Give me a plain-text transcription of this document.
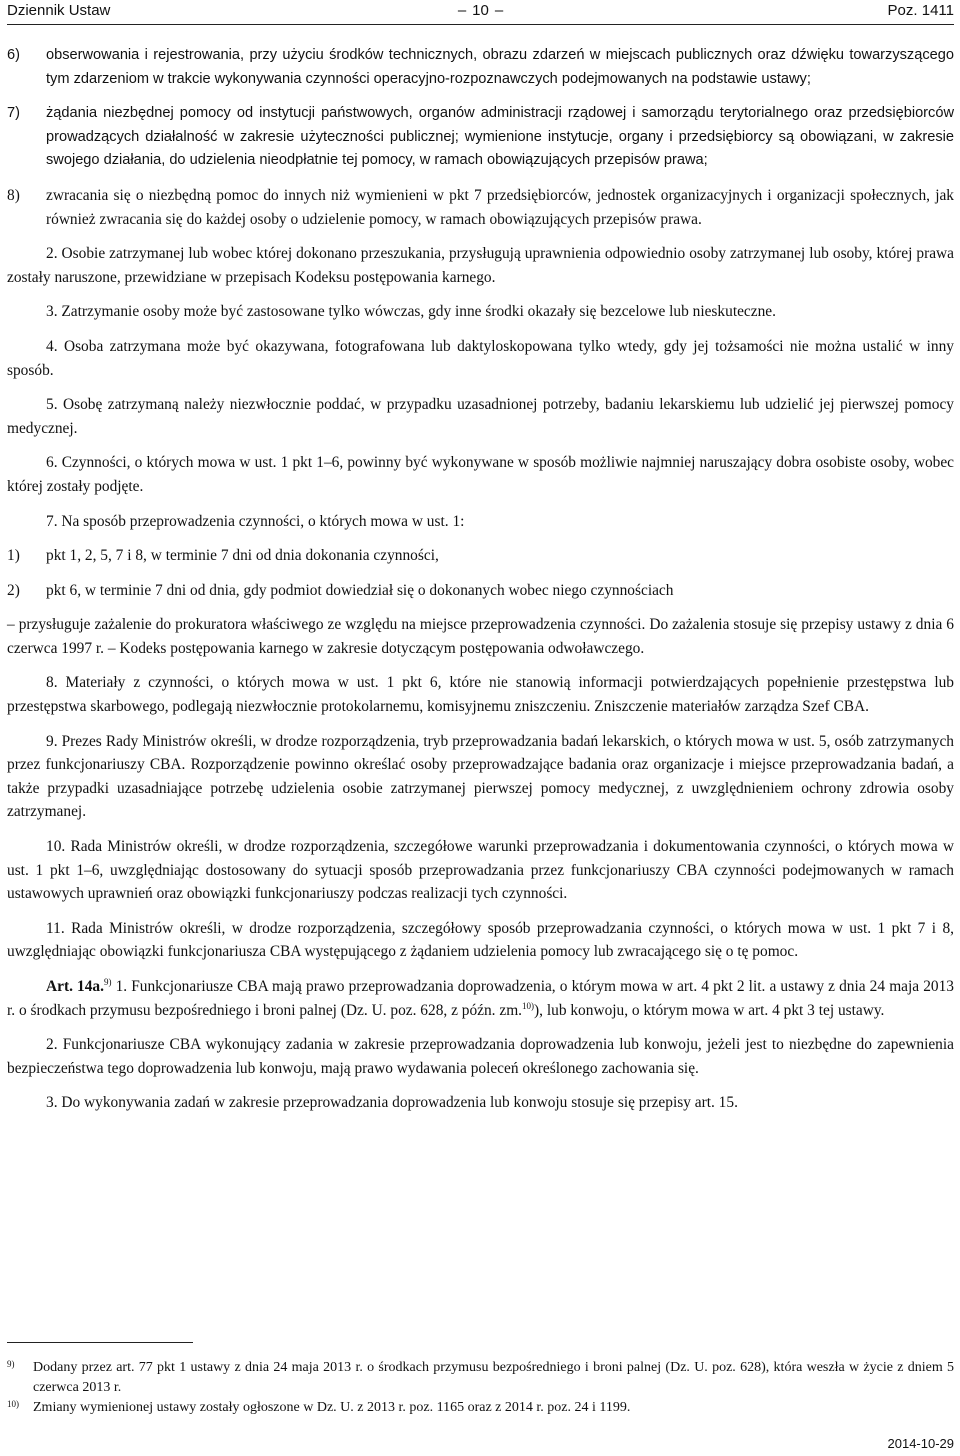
Dziennik Ustaw	– 10 –	Poz. 1411
6) obserwowania i rejestrowania, przy użyciu środków technicznych, obrazu zdarzeń w miejscach publicznych oraz dźwięku towarzyszącego tym zdarzeniom w trakcie wykonywania czynności operacyjno-rozpoznawczych podejmowanych na podstawie ustawy;
7) żądania niezbędnej pomocy od instytucji państwowych, organów administracji rządowej i samorządu terytorialnego oraz przedsiębiorców prowadzących działalność w zakresie użyteczności publicznej; wymienione instytucje, organy i przedsiębiorcy są obowiązani, w zakresie swojego działania, do udzielenia nieodpłatnie tej pomocy, w ramach obowiązujących przepisów prawa;
8) zwracania się o niezbędną pomoc do innych niż wymienieni w pkt 7 przedsiębiorców, jednostek organizacyjnych i organizacji społecznych, jak również zwracania się do każdej osoby o udzielenie pomocy, w ramach obowiązujących przepisów prawa.

2. Osobie zatrzymanej lub wobec której dokonano przeszukania, przysługują uprawnienia odpowiednio osoby zatrzymanej lub osoby, której prawa zostały naruszone, przewidziane w przepisach Kodeksu postępowania karnego.

3. Zatrzymanie osoby może być zastosowane tylko wówczas, gdy inne środki okazały się bezcelowe lub nieskuteczne.

4. Osoba zatrzymana może być okazywana, fotografowana lub daktyloskopowana tylko wtedy, gdy jej tożsamości nie można ustalić w inny sposób.

5. Osobę zatrzymaną należy niezwłocznie poddać, w przypadku uzasadnionej potrzeby, badaniu lekarskiemu lub udzielić jej pierwszej pomocy medycznej.

6. Czynności, o których mowa w ust. 1 pkt 1–6, powinny być wykonywane w sposób możliwie najmniej naruszający dobra osobiste osoby, wobec której zostały podjęte.

7. Na sposób przeprowadzenia czynności, o których mowa w ust. 1:

1) pkt 1, 2, 5, 7 i 8, w terminie 7 dni od dnia dokonania czynności,
2) pkt 6, w terminie 7 dni od dnia, gdy podmiot dowiedział się o dokonanych wobec niego czynnościach

– przysługuje zażalenie do prokuratora właściwego ze względu na miejsce przeprowadzenia czynności. Do zażalenia stosuje się przepisy ustawy z dnia 6 czerwca 1997 r. – Kodeks postępowania karnego w zakresie dotyczącym postępowania odwoławczego.

8. Materiały z czynności, o których mowa w ust. 1 pkt 6, które nie stanowią informacji potwierdzających popełnienie przestępstwa lub przestępstwa skarbowego, podlegają niezwłocznie protokolarnemu, komisyjnemu zniszczeniu. Zniszczenie materiałów zarządza Szef CBA.

9. Prezes Rady Ministrów określi, w drodze rozporządzenia, tryb przeprowadzania badań lekarskich, o których mowa w ust. 5, osób zatrzymanych przez funkcjonariuszy CBA. Rozporządzenie powinno określać osoby przeprowadzające badania oraz organizacje i miejsce przeprowadzania badań, a także przypadki uzasadniające potrzebę udzielenia osobie zatrzymanej pierwszej pomocy medycznej, z uwzględnieniem ochrony zdrowia osoby zatrzymanej.

10. Rada Ministrów określi, w drodze rozporządzenia, szczegółowe warunki przeprowadzania i dokumentowania czynności, o których mowa w ust. 1 pkt 1–6, uwzględniając dostosowany do sytuacji sposób przeprowadzania przez funkcjonariuszy CBA czynności podejmowanych w ramach ustawowych uprawnień oraz obowiązki funkcjonariuszy podczas realizacji tych czynności.

11. Rada Ministrów określi, w drodze rozporządzenia, szczegółowy sposób przeprowadzania czynności, o których mowa w ust. 1 pkt 7 i 8, uwzględniając obowiązki funkcjonariusza CBA występującego z żądaniem udzielenia pomocy lub zwracającego się o tę pomoc.

Art. 14a.$^{9)}$ 1. Funkcjonariusze CBA mają prawo przeprowadzania doprowadzenia, o którym mowa w art. 4 pkt 2 lit. a ustawy z dnia 24 maja 2013 r. o środkach przymusu bezpośredniego i broni palnej (Dz. U. poz. 628, z późn. zm.$^{10)}$), lub konwoju, o którym mowa w art. 4 pkt 3 tej ustawy.

2. Funkcjonariusze CBA wykonujący zadania w zakresie przeprowadzania doprowadzenia lub konwoju, jeżeli jest to niezbędne do zapewnienia bezpieczeństwa tego doprowadzenia lub konwoju, mają prawo wydawania poleceń określonego zachowania się.

3. Do wykonywania zadań w zakresie przeprowadzania doprowadzenia lub konwoju stosuje się przepisy art. 15.

9) Dodany przez art. 77 pkt 1 ustawy z dnia 24 maja 2013 r. o środkach przymusu bezpośredniego i broni palnej (Dz. U. poz. 628), która weszła w życie z dniem 5 czerwca 2013 r.
10) Zmiany wymienionej ustawy zostały ogłoszone w Dz. U. z 2013 r. poz. 1165 oraz z 2014 r. poz. 24 i 1199.
2014-10-29
